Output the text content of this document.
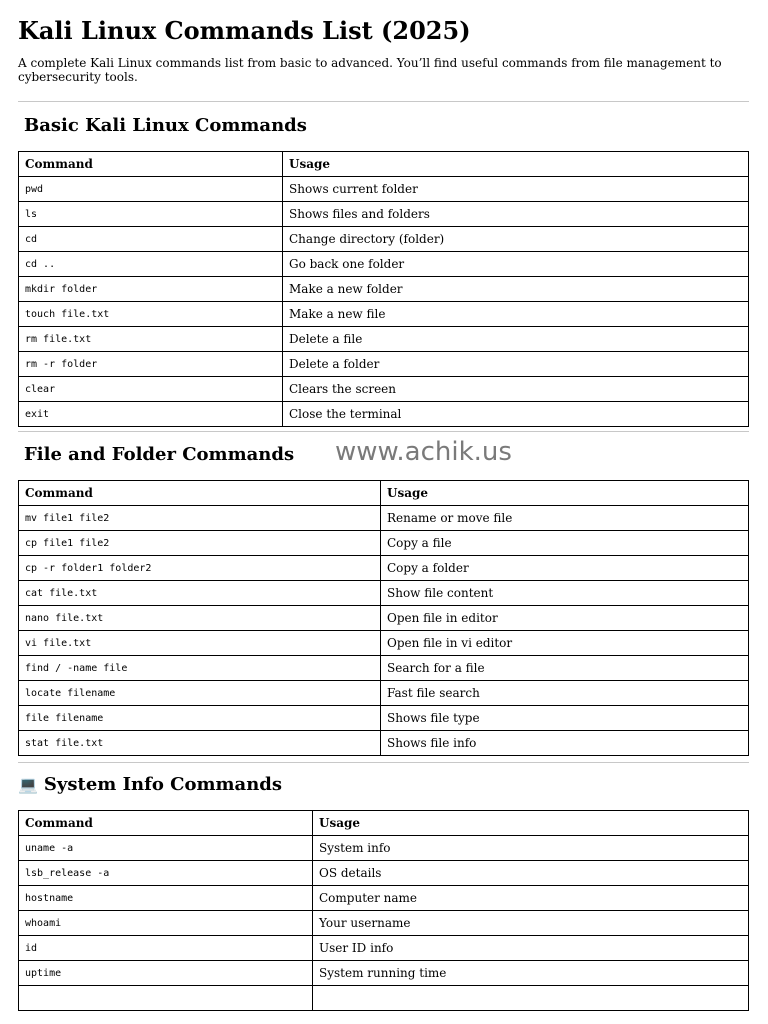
Kali Linux Commands List (2025)

A complete Kali Linux commands list from basic to advanced. You’ll find useful commands from file management to cybersecurity tools.

Basic Kali Linux Commands
Command	Usage
pwd	Shows current folder
ls	Shows files and folders
cd	Change directory (folder)
cd ..	Go back one folder
mkdir folder	Make a new folder
touch file.txt	Make a new file
rm file.txt	Delete a file
rm -r folder	Delete a folder
clear	Clears the screen
exit	Close the terminal
File and Folder Commands
Command	Usage
mv file1 file2	Rename or move file
cp file1 file2	Copy a file
cp -r folder1 folder2	Copy a folder
cat file.txt	Show file content
nano file.txt	Open file in editor
vi file.txt	Open file in vi editor
find / -name file	Search for a file
locate filename	Fast file search
file filename	Shows file type
stat file.txt	Shows file info
💻 System Info Commands
Command	Usage
uname -a	System info
lsb_release -a	OS details
hostname	Computer name
whoami	Your username
id	User ID info
uptime	System running time

www.achik.us
